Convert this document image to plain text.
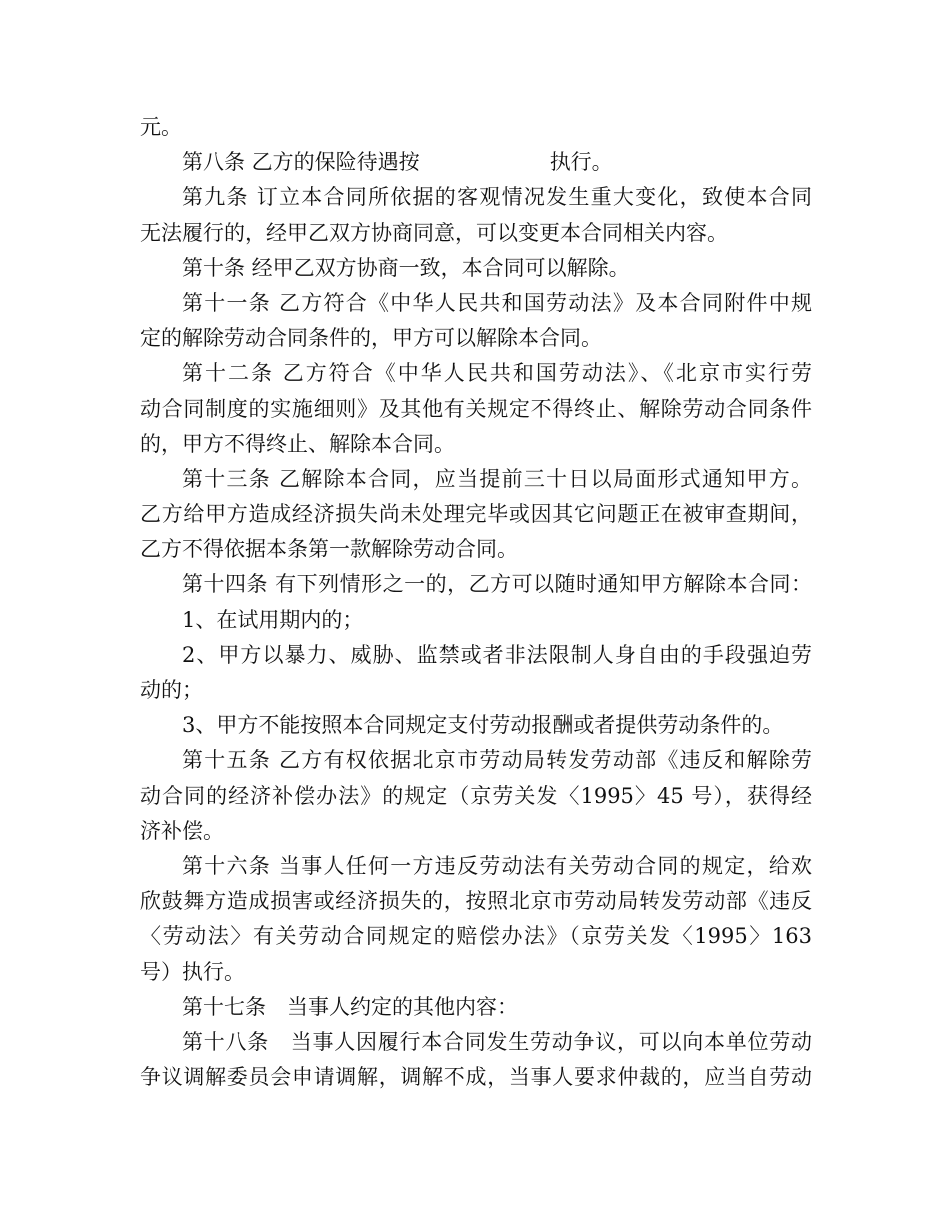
元。
第八条 乙方的保险待遇按	执行。
第九条 订立本合同所依据的客观情况发生重大变化，致使本合同
无法履行的，经甲乙双方协商同意，可以变更本合同相关内容。
第十条 经甲乙双方协商一致，本合同可以解除。
第十一条 乙方符合《中华人民共和国劳动法》及本合同附件中规
定的解除劳动合同条件的，甲方可以解除本合同。
第十二条 乙方符合《中华人民共和国劳动法》、《北京市实行劳
动合同制度的实施细则》及其他有关规定不得终止、解除劳动合同条件
的，甲方不得终止、解除本合同。
第十三条 乙解除本合同，应当提前三十日以局面形式通知甲方。
乙方给甲方造成经济损失尚未处理完毕或因其它问题正在被审查期间，
乙方不得依据本条第一款解除劳动合同。
第十四条 有下列情形之一的，乙方可以随时通知甲方解除本合同：
1、在试用期内的；
2、甲方以暴力、威胁、监禁或者非法限制人身自由的手段强迫劳
动的；
3、甲方不能按照本合同规定支付劳动报酬或者提供劳动条件的。
第十五条 乙方有权依据北京市劳动局转发劳动部《违反和解除劳
动合同的经济补偿办法》的规定（京劳关发〈1995〉45 号），获得经
济补偿。
第十六条 当事人任何一方违反劳动法有关劳动合同的规定，给欢
欣鼓舞方造成损害或经济损失的，按照北京市劳动局转发劳动部《违反
〈劳动法〉有关劳动合同规定的赔偿办法》（京劳关发〈1995〉163
号）执行。
第十七条　当事人约定的其他内容：
第十八条　当事人因履行本合同发生劳动争议，可以向本单位劳动
争议调解委员会申请调解，调解不成，当事人要求仲裁的，应当自劳动
